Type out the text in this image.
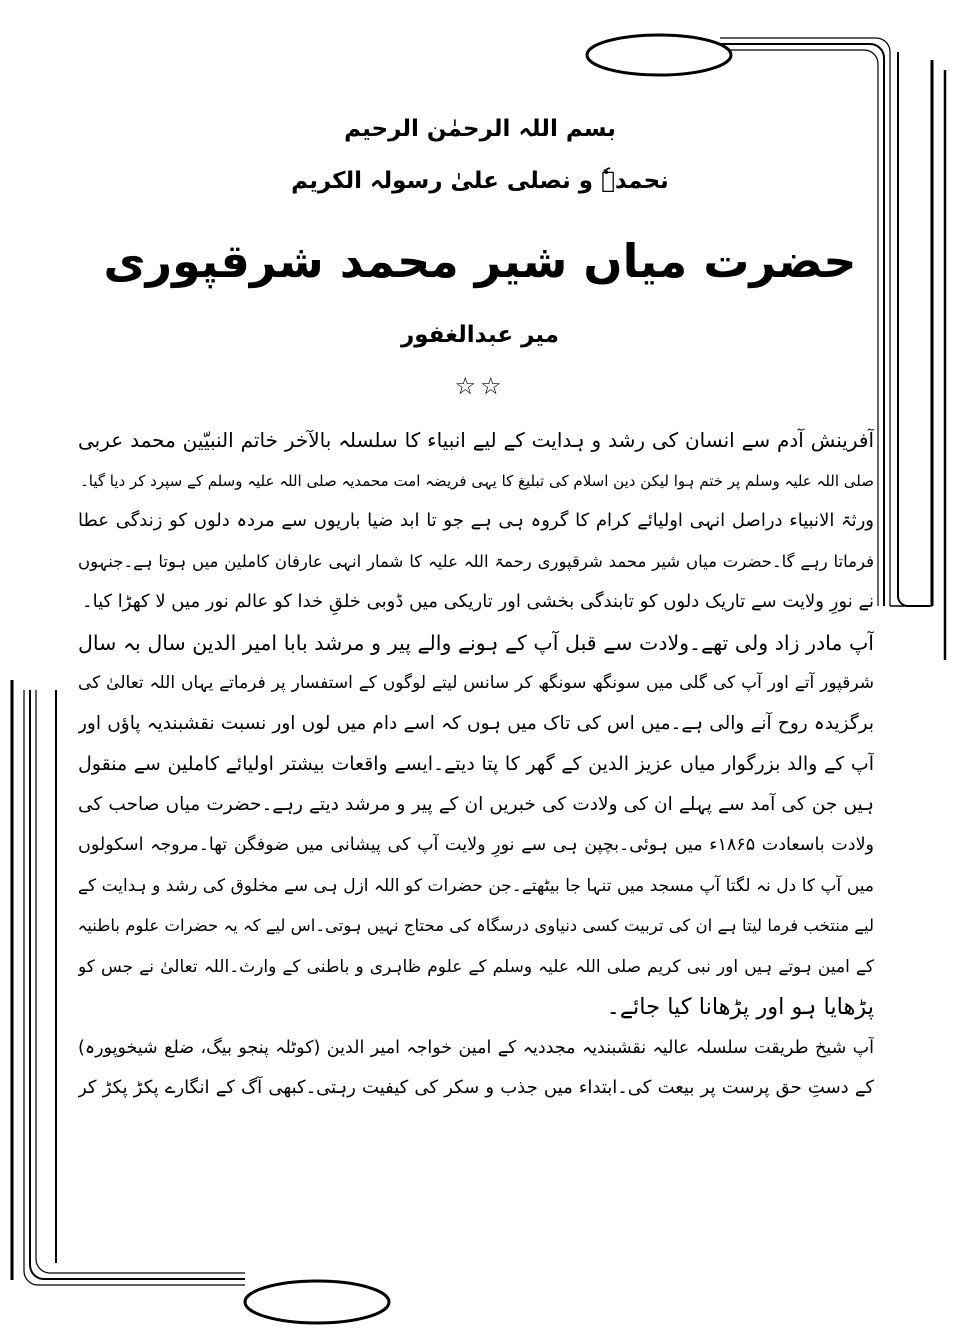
بسم اللہ الرحمٰن الرحیم
نحمدہٗ و نصلی علیٰ رسولہ الکریم
حضرت میاں شیر محمد شرقپوری
میر عبدالغفور
☆☆
آفرینش آدم سے انسان کی رشد و ہدایت کے لیے انبیاء کا سلسلہ بالآخر خاتم النبیّین محمد عربی
صلی اللہ علیہ وسلم پر ختم ہوا لیکن دین اسلام کی تبلیغ کا یہی فریضہ امت محمدیہ صلی اللہ علیہ وسلم کے سپرد کر دیا گیا۔
ورثۃ الانبیاء دراصل انہی اولیائے کرام کا گروہ ہی ہے جو تا ابد ضیا باریوں سے مردہ دلوں کو زندگی عطا
فرماتا رہے گا۔حضرت میاں شیر محمد شرقپوری رحمۃ اللہ علیہ کا شمار انہی عارفان کاملین میں ہوتا ہے۔جنہوں
نے نورِ ولایت سے تاریک دلوں کو تابندگی بخشی اور تاریکی میں ڈوبی خلقِ خدا کو عالم نور میں لا کھڑا کیا۔
آپ مادر زاد ولی تھے۔ولادت سے قبل آپ کے ہونے والے پیر و مرشد بابا امیر الدین سال بہ سال
شرقپور آتے اور آپ کی گلی میں سونگھ سونگھ کر سانس لیتے لوگوں کے استفسار پر فرماتے یہاں اللہ تعالیٰ کی
برگزیدہ روح آنے والی ہے۔میں اس کی تاک میں ہوں کہ اسے دام میں لوں اور نسبت نقشبندیہ پاؤں اور
آپ کے والد بزرگوار میاں عزیز الدین کے گھر کا پتا دیتے۔ایسے واقعات بیشتر اولیائے کاملین سے منقول
ہیں جن کی آمد سے پہلے ان کی ولادت کی خبریں ان کے پیر و مرشد دیتے رہے۔حضرت میاں صاحب کی
ولادت باسعادت ۱۸۶۵ء میں ہوئی۔بچپن ہی سے نورِ ولایت آپ کی پیشانی میں ضوفگن تھا۔مروجہ اسکولوں
میں آپ کا دل نہ لگتا آپ مسجد میں تنہا جا بیٹھتے۔جن حضرات کو اللہ ازل ہی سے مخلوق کی رشد و ہدایت کے
لیے منتخب فرما لیتا ہے ان کی تربیت کسی دنیاوی درسگاہ کی محتاج نہیں ہوتی۔اس لیے کہ یہ حضرات علوم باطنیہ
کے امین ہوتے ہیں اور نبی کریم صلی اللہ علیہ وسلم کے علوم ظاہری و باطنی کے وارث۔اللہ تعالیٰ نے جس کو
پڑھایا ہو اور پڑھانا کیا جائے۔
آپ شیخ طریقت سلسلہ عالیہ نقشبندیہ مجددیہ کے امین خواجہ امیر الدین (کوٹلہ پنجو بیگ، ضلع شیخوپورہ)
کے دستِ حق پرست پر بیعت کی۔ابتداء میں جذب و سکر کی کیفیت رہتی۔کبھی آگ کے انگارے پکڑ پکڑ کر
